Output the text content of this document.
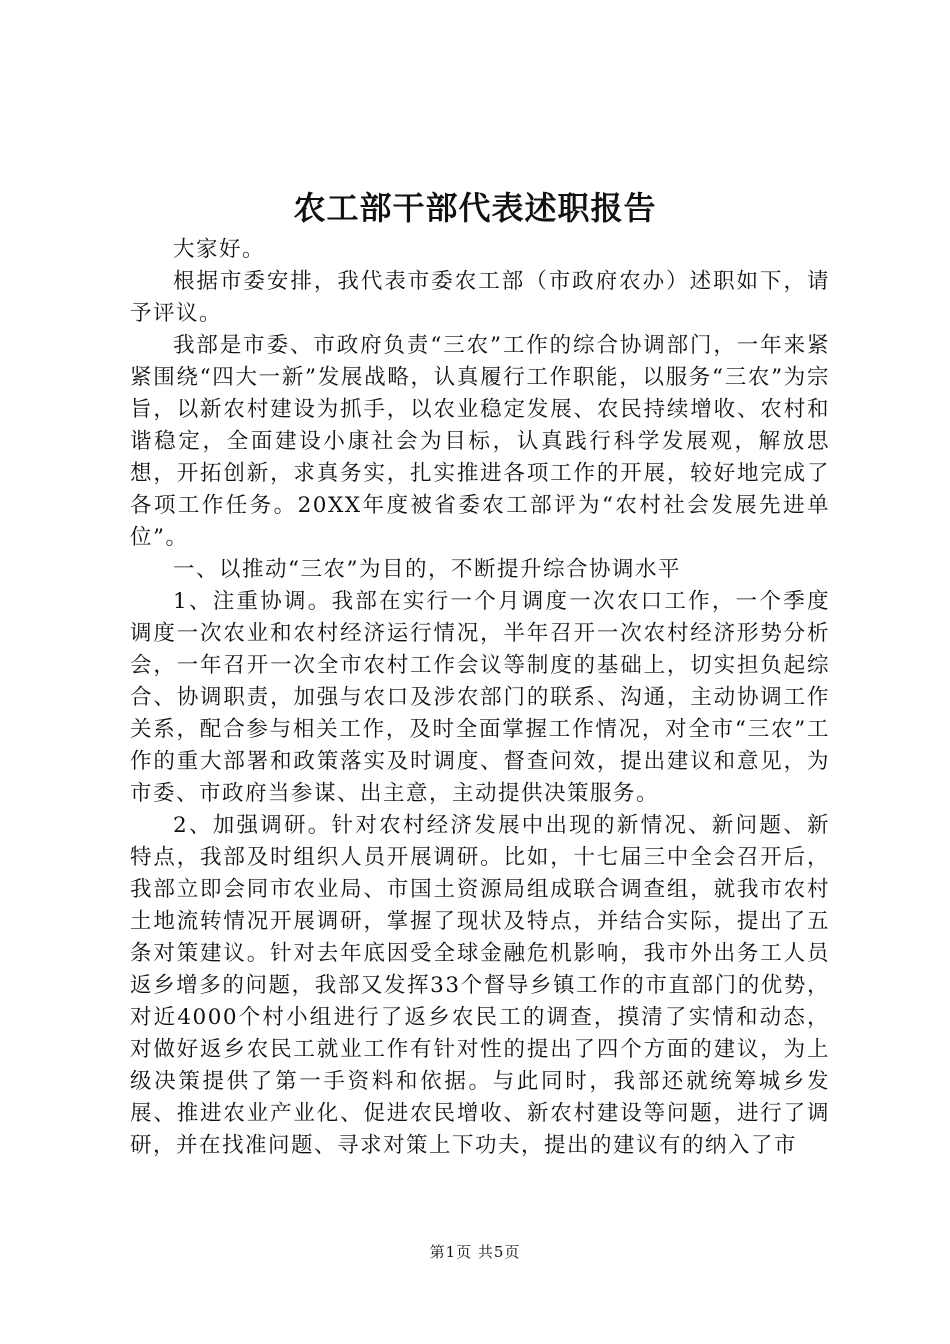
农工部干部代表述职报告

大家好。

根据市委安排，我代表市委农工部（市政府农办）述职如下，请予评议。

我部是市委、市政府负责“三农”工作的综合协调部门，一年来紧紧围绕“四大一新”发展战略，认真履行工作职能，以服务“三农”为宗旨，以新农村建设为抓手，以农业稳定发展、农民持续增收、农村和谐稳定，全面建设小康社会为目标，认真践行科学发展观，解放思想，开拓创新，求真务实，扎实推进各项工作的开展，较好地完成了各项工作任务。20XX年度被省委农工部评为“农村社会发展先进单位”。

一、以推动“三农”为目的，不断提升综合协调水平

1、注重协调。我部在实行一个月调度一次农口工作，一个季度调度一次农业和农村经济运行情况，半年召开一次农村经济形势分析会，一年召开一次全市农村工作会议等制度的基础上，切实担负起综合、协调职责，加强与农口及涉农部门的联系、沟通，主动协调工作关系，配合参与相关工作，及时全面掌握工作情况，对全市“三农”工作的重大部署和政策落实及时调度、督查问效，提出建议和意见，为市委、市政府当参谋、出主意，主动提供决策服务。

2、加强调研。针对农村经济发展中出现的新情况、新问题、新特点，我部及时组织人员开展调研。比如，十七届三中全会召开后，我部立即会同市农业局、市国土资源局组成联合调查组，就我市农村土地流转情况开展调研，掌握了现状及特点，并结合实际，提出了五条对策建议。针对去年底因受全球金融危机影响，我市外出务工人员返乡增多的问题，我部又发挥33个督导乡镇工作的市直部门的优势，对近4000个村小组进行了返乡农民工的调查，摸清了实情和动态，对做好返乡农民工就业工作有针对性的提出了四个方面的建议，为上级决策提供了第一手资料和依据。与此同时，我部还就统筹城乡发展、推进农业产业化、促进农民增收、新农村建设等问题，进行了调研，并在找准问题、寻求对策上下功夫，提出的建议有的纳入了市

第1页 共5页
